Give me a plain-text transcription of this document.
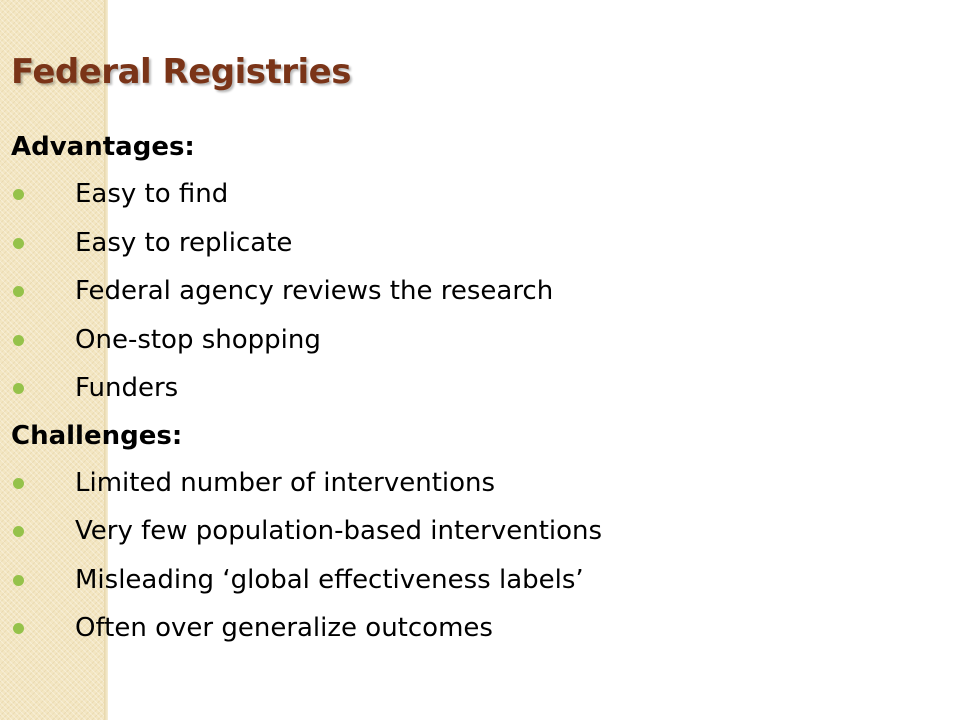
Federal Registries
Advantages:
Easy to find
Easy to replicate
Federal agency reviews the research
One-stop shopping
Funders
Challenges:
Limited number of interventions
Very few population-based interventions
Misleading ‘global effectiveness labels’
Often over generalize outcomes
